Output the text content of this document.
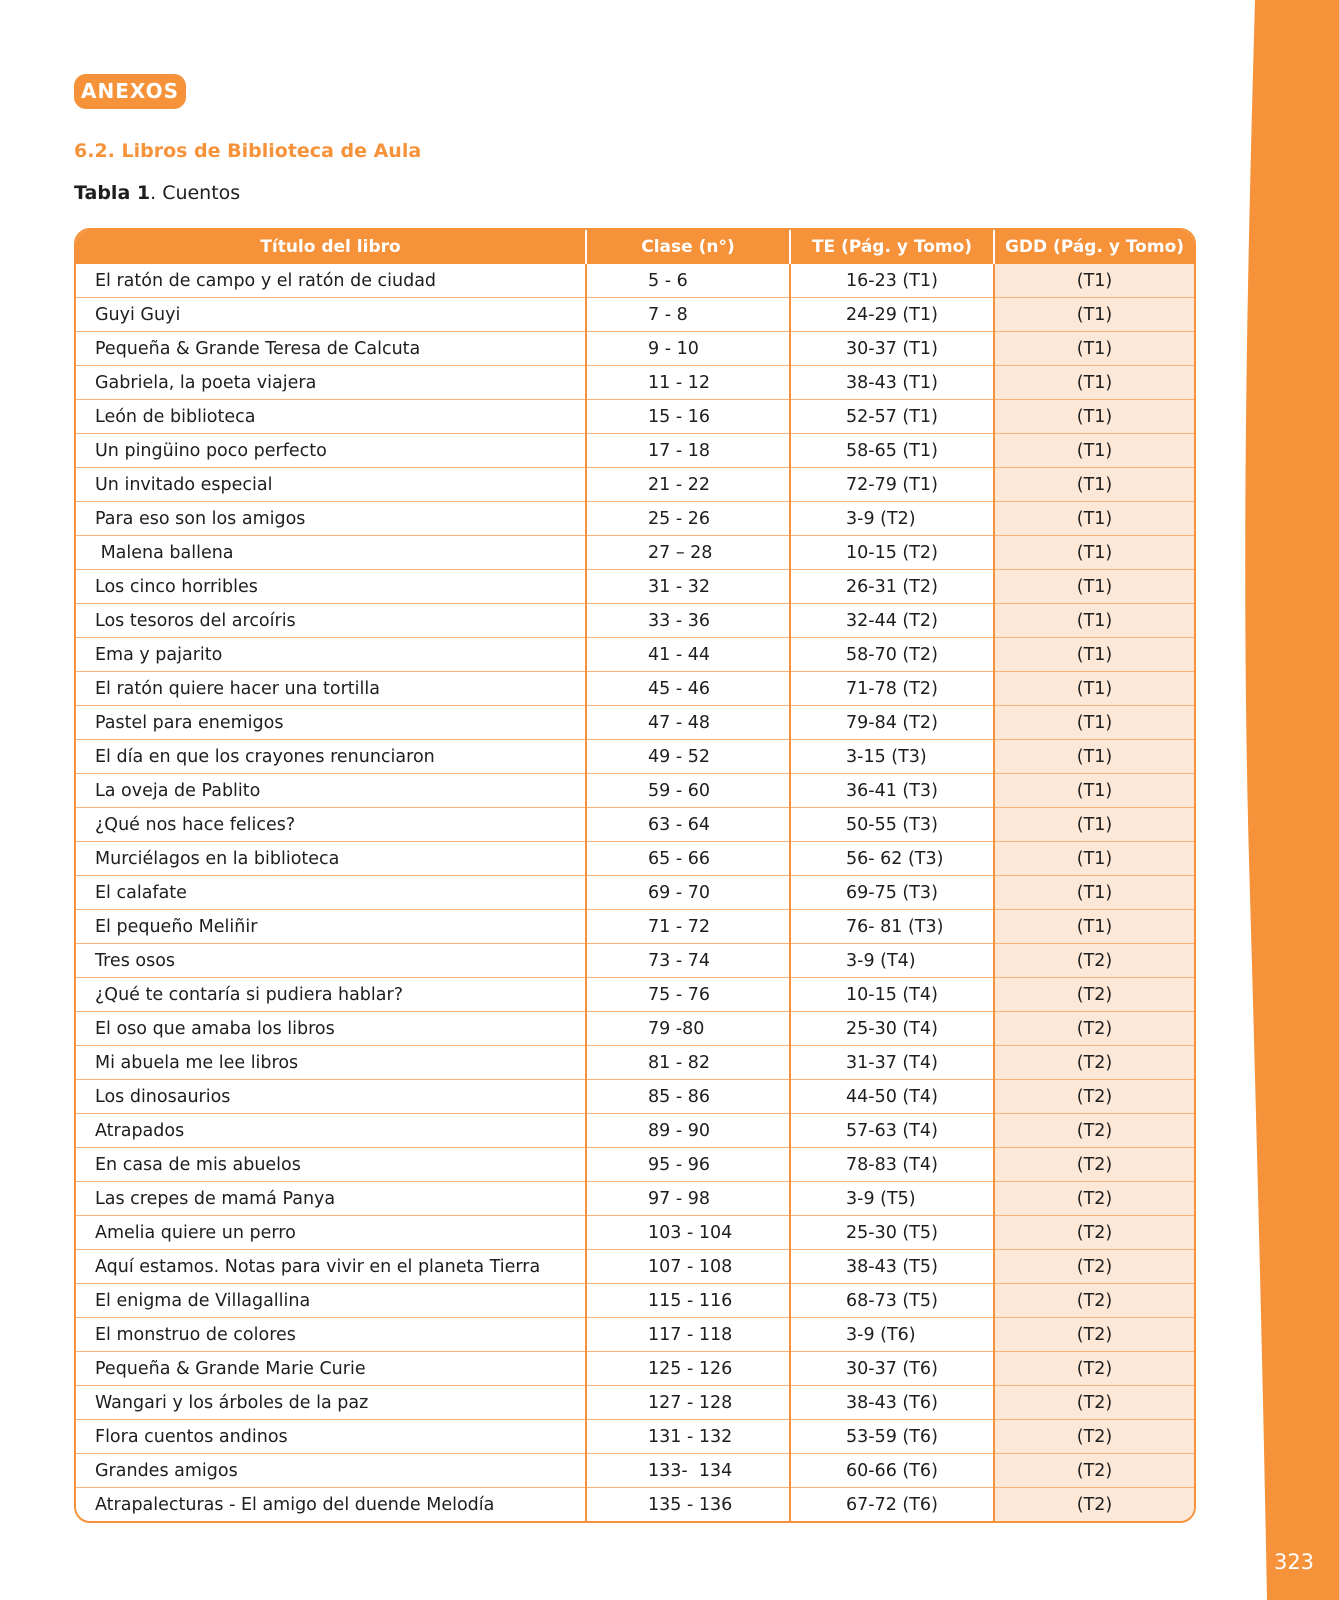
323
ANEXOS
6.2. Libros de Biblioteca de Aula
Tabla 1. Cuentos
Título del libro	Clase (n°)	TE (Pág. y Tomo)	GDD (Pág. y Tomo)
El ratón de campo y el ratón de ciudad	5 - 6	16-23 (T1)	(T1)
Guyi Guyi	7 - 8	24-29 (T1)	(T1)
Pequeña & Grande Teresa de Calcuta	9 - 10	30-37 (T1)	(T1)
Gabriela, la poeta viajera	11 - 12	38-43 (T1)	(T1)
León de biblioteca	15 - 16	52-57 (T1)	(T1)
Un pingüino poco perfecto	17 - 18	58-65 (T1)	(T1)
Un invitado especial	21 - 22	72-79 (T1)	(T1)
Para eso son los amigos	25 - 26	3-9 (T2)	(T1)
Malena ballena	27 – 28	10-15 (T2)	(T1)
Los cinco horribles	31 - 32	26-31 (T2)	(T1)
Los tesoros del arcoíris	33 - 36	32-44 (T2)	(T1)
Ema y pajarito	41 - 44	58-70 (T2)	(T1)
El ratón quiere hacer una tortilla	45 - 46	71-78 (T2)	(T1)
Pastel para enemigos	47 - 48	79-84 (T2)	(T1)
El día en que los crayones renunciaron	49 - 52	3-15 (T3)	(T1)
La oveja de Pablito	59 - 60	36-41 (T3)	(T1)
¿Qué nos hace felices?	63 - 64	50-55 (T3)	(T1)
Murciélagos en la biblioteca	65 - 66	56- 62 (T3)	(T1)
El calafate	69 - 70	69-75 (T3)	(T1)
El pequeño Meliñir	71 - 72	76- 81 (T3)	(T1)
Tres osos	73 - 74	3-9 (T4)	(T2)
¿Qué te contaría si pudiera hablar?	75 - 76	10-15 (T4)	(T2)
El oso que amaba los libros	79 -80	25-30 (T4)	(T2)
Mi abuela me lee libros	81 - 82	31-37 (T4)	(T2)
Los dinosaurios	85 - 86	44-50 (T4)	(T2)
Atrapados	89 - 90	57-63 (T4)	(T2)
En casa de mis abuelos	95 - 96	78-83 (T4)	(T2)
Las crepes de mamá Panya	97 - 98	3-9 (T5)	(T2)
Amelia quiere un perro	103 - 104	25-30 (T5)	(T2)
Aquí estamos. Notas para vivir en el planeta Tierra	107 - 108	38-43 (T5)	(T2)
El enigma de Villagallina	115 - 116	68-73 (T5)	(T2)
El monstruo de colores	117 - 118	3-9 (T6)	(T2)
Pequeña & Grande Marie Curie	125 - 126	30-37 (T6)	(T2)
Wangari y los árboles de la paz	127 - 128	38-43 (T6)	(T2)
Flora cuentos andinos	131 - 132	53-59 (T6)	(T2)
Grandes amigos	133-  134	60-66 (T6)	(T2)
Atrapalecturas - El amigo del duende Melodía	135 - 136	67-72 (T6)	(T2)
